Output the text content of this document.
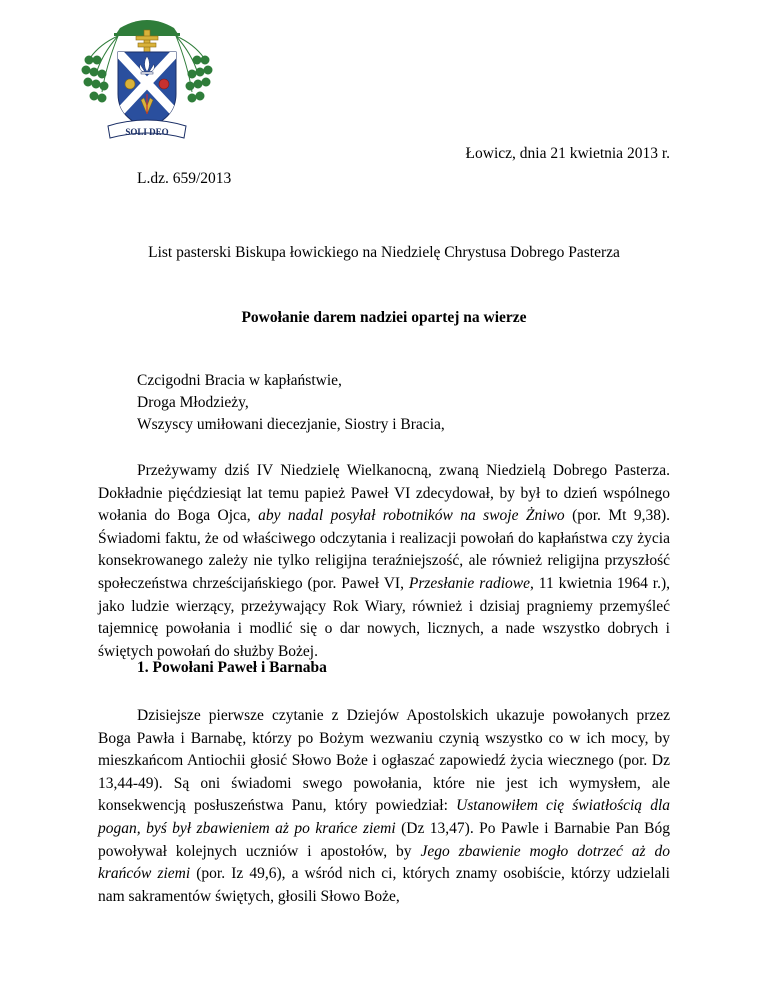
SOLI DEO
Łowicz, dnia 21 kwietnia 2013 r.
L.dz. 659/2013
List pasterski Biskupa łowickiego na Niedzielę Chrystusa Dobrego Pasterza
Powołanie darem nadziei opartej na wierze
Czcigodni Bracia w kapłaństwie,
Droga Młodzieży,
Wszyscy umiłowani diecezjanie, Siostry i Bracia,

Przeżywamy dziś IV Niedzielę Wielkanocną, zwaną Niedzielą Dobrego Pasterza. Dokładnie pięćdziesiąt lat temu papież Paweł VI zdecydował, by był to dzień wspólnego wołania do Boga Ojca, aby nadal posyłał robotników na swoje Żniwo (por. Mt 9,38). Świadomi faktu, że od właściwego odczytania i realizacji powołań do kapłaństwa czy życia konsekrowanego zależy nie tylko religijna teraźniejszość, ale również religijna przyszłość społeczeństwa chrześcijańskiego (por. Paweł VI, Przesłanie radiowe, 11 kwietnia 1964 r.), jako ludzie wierzący, przeżywający Rok Wiary, również i dzisiaj pragniemy przemyśleć tajemnicę powołania i modlić się o dar nowych, licznych, a nade wszystko dobrych i świętych powołań do służby Bożej.

1. Powołani Paweł i Barnaba

Dzisiejsze pierwsze czytanie z Dziejów Apostolskich ukazuje powołanych przez Boga Pawła i Barnabę, którzy po Bożym wezwaniu czynią wszystko co w ich mocy, by mieszkańcom Antiochii głosić Słowo Boże i ogłaszać zapowiedź życia wiecznego (por. Dz 13,44-49). Są oni świadomi swego powołania, które nie jest ich wymysłem, ale konsekwencją posłuszeństwa Panu, który powiedział: Ustanowiłem cię światłością dla pogan, byś był zbawieniem aż po krańce ziemi (Dz 13,47). Po Pawle i Barnabie Pan Bóg powoływał kolejnych uczniów i apostołów, by Jego zbawienie mogło dotrzeć aż do krańców ziemi (por. Iz 49,6), a wśród nich ci, których znamy osobiście, którzy udzielali nam sakramentów świętych, głosili Słowo Boże,
